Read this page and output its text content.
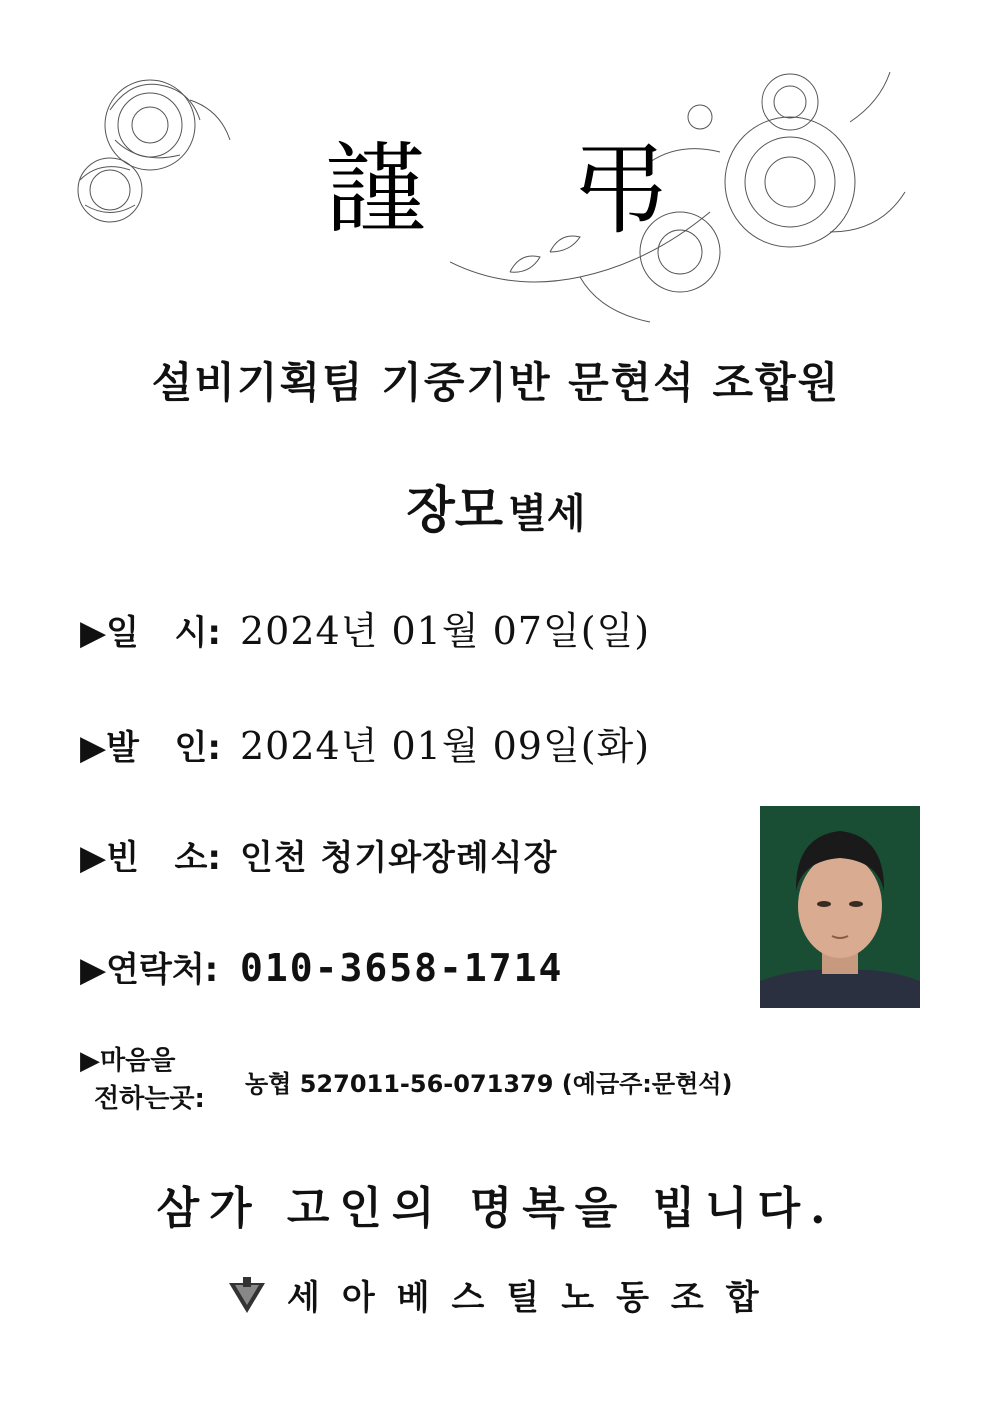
謹 弔
설비기획팀 기중기반 문현석 조합원
장모 별세
▶일   시: 2024년 01월 07일(일)
▶발   인: 2024년 01월 09일(화)
▶빈   소: 인천 청기와장례식장
▶연락처: 010-3658-1714
▶마음을
전하는곳: 농협 527011-56-071379 (예금주:문현석)
삼가 고인의 명복을 빕니다.
세아베스틸노동조합
